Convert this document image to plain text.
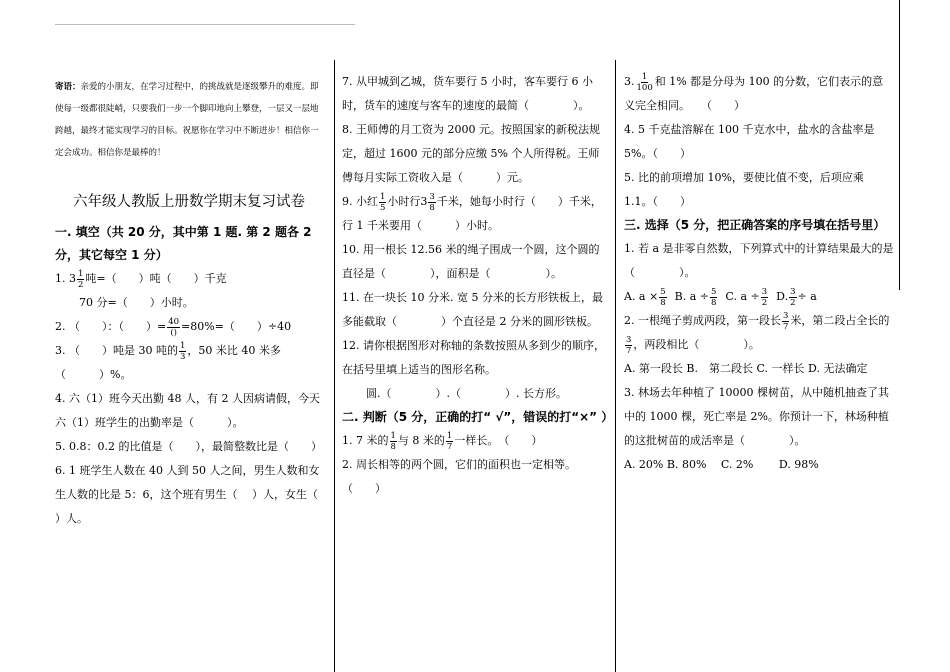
寄语：亲爱的小朋友，在学习过程中，的挑战就是逐级攀升的难度。即使每一级都很陡峭，只要我们一步一个脚印地向上攀登，一层又一层地跨越，最终才能实现学习的目标。祝愿你在学习中不断进步！相信你一定会成功。相信你是最棒的！
六年级人教版上册数学期末复习试卷
一. 填空（共 20 分，其中第 1 题. 第 2 题各 2 分，其它每空 1 分）
1. $3 \frac{1}{2}$ 吨=（　　）吨（　　）千克
70 分=（　　）小时。
2. （　　）：（　　）= $\frac{40}{()} =80\%=$（　　）÷40
3. （　　）吨是 30 吨的 $\frac{1}{3}$ ，50 米比 40 米多（　　　）%。
4. 六（1）班今天出勤 48 人，有 2 人因病请假，今天六（1）班学生的出勤率是（　　　）。
5. 0.8：0.2 的比值是（　　），最简整数比是（　　）
6. 1 班学生人数在 40 人到 50 人之间，男生人数和女生人数的比是 5：6，这个班有男生（　 ）人，女生（　 ）人。
7. 从甲城到乙城，货车要行 5 小时，客车要行 6 小时，货车的速度与客车的速度的最简（　　　　）。
8. 王师傅的月工资为 2000 元。按照国家的新税法规定，超过 1600 元的部分应缴 5% 个人所得税。王师傅每月实际工资收入是（　　　）元。
9. 小红 $\frac{1}{5}$ 小时行$3 \frac{3}{8}$ 千米，她每小时行（　　）千米，行 1 千米要用（　　　）小时。
10. 用一根长 12.56 米的绳子围成一个圆，这个圆的直径是（　　　　），面积是（　　　　　）。
11. 在一块长 10 分米. 宽 5 分米的长方形铁板上，最多能截取（　　　　）个直径是 2 分米的圆形铁板。
12. 请你根据图形对称轴的条数按照从多到少的顺序，在括号里填上适当的图形名称。
圆.（　　　　）.（　　　　）. 长方形。
二. 判断（5 分，正确的打“ √”，错误的打“×” ）
1. 7 米的 $\frac{1}{8}$ 与 8 米的 $\frac{1}{7}$ 一样长。　（　　）
2. 周长相等的两个圆，它们的面积也一定相等。（　　）
3. $\frac{1}{100}$ 和 1% 都是分母为 100 的分数，它们表示的意义完全相同。　　（　　）
4. 5 千克盐溶解在 100 千克水中，盐水的含盐率是 5%。（　　）
5. 比的前项增加 10%，要使比值不变，后项应乘 1.1。（　　）
三. 选择（5 分，把正确答案的序号填在括号里）
1. 若 a 是非零自然数，下列算式中的计算结果最大的是（　　　　）。
A. $a \times \frac{5}{8} B$. $a \div \frac{5}{8} C$. $a \div \frac{3}{2} D$. $\frac{3}{2} \div a$
2. 一根绳子剪成两段，第一段长 $\frac{3}{7}$ 米，第二段占全长的
$\frac{3}{7}$ ，两段相比（　　　　）。
A. 第一段长 B.　第二段长 C. 一样长 D. 无法确定
3. 林场去年种植了 10000 棵树苗，从中随机抽查了其中的 1000 棵，死亡率是 2%。你预计一下，林场种植的这批树苗的成活率是（　　　　）。
A. 20% B. 80%　 C. 2%　　 D. 98%
